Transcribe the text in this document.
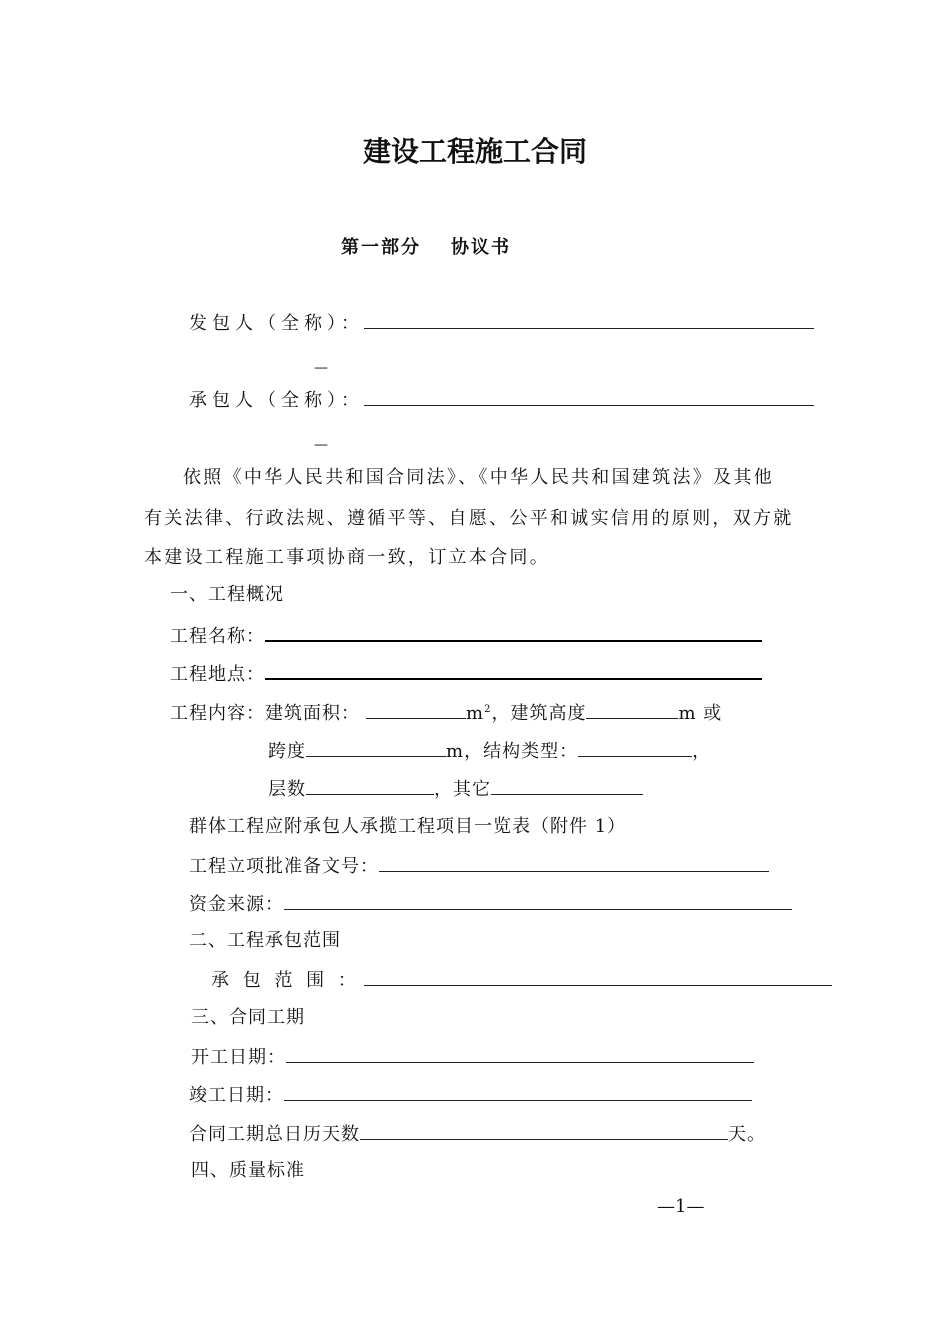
建设工程施工合同
第一部分 协议书
发包人（全称）：
—
承包人（全称）：
—
依照《中华人民共和国合同法》、《中华人民共和国建筑法》及其他
有关法律、行政法规、遵循平等、自愿、公平和诚实信用的原则，双方就
本建设工程施工事项协商一致，订立本合同。
一、工程概况
工程名称：
工程地点：
工程内容：建筑面积：	$m^2$，建筑高度	m 或
跨度	m，结构类型：	，
层数	，其它
群体工程应附承包人承揽工程项目一览表（附件 1）
工程立项批准备文号：
资金来源：
二、工程承包范围
承 包 范 围 ：
三、合同工期
开工日期：
竣工日期：
合同工期总日历天数	天。
四、质量标准
—1—
